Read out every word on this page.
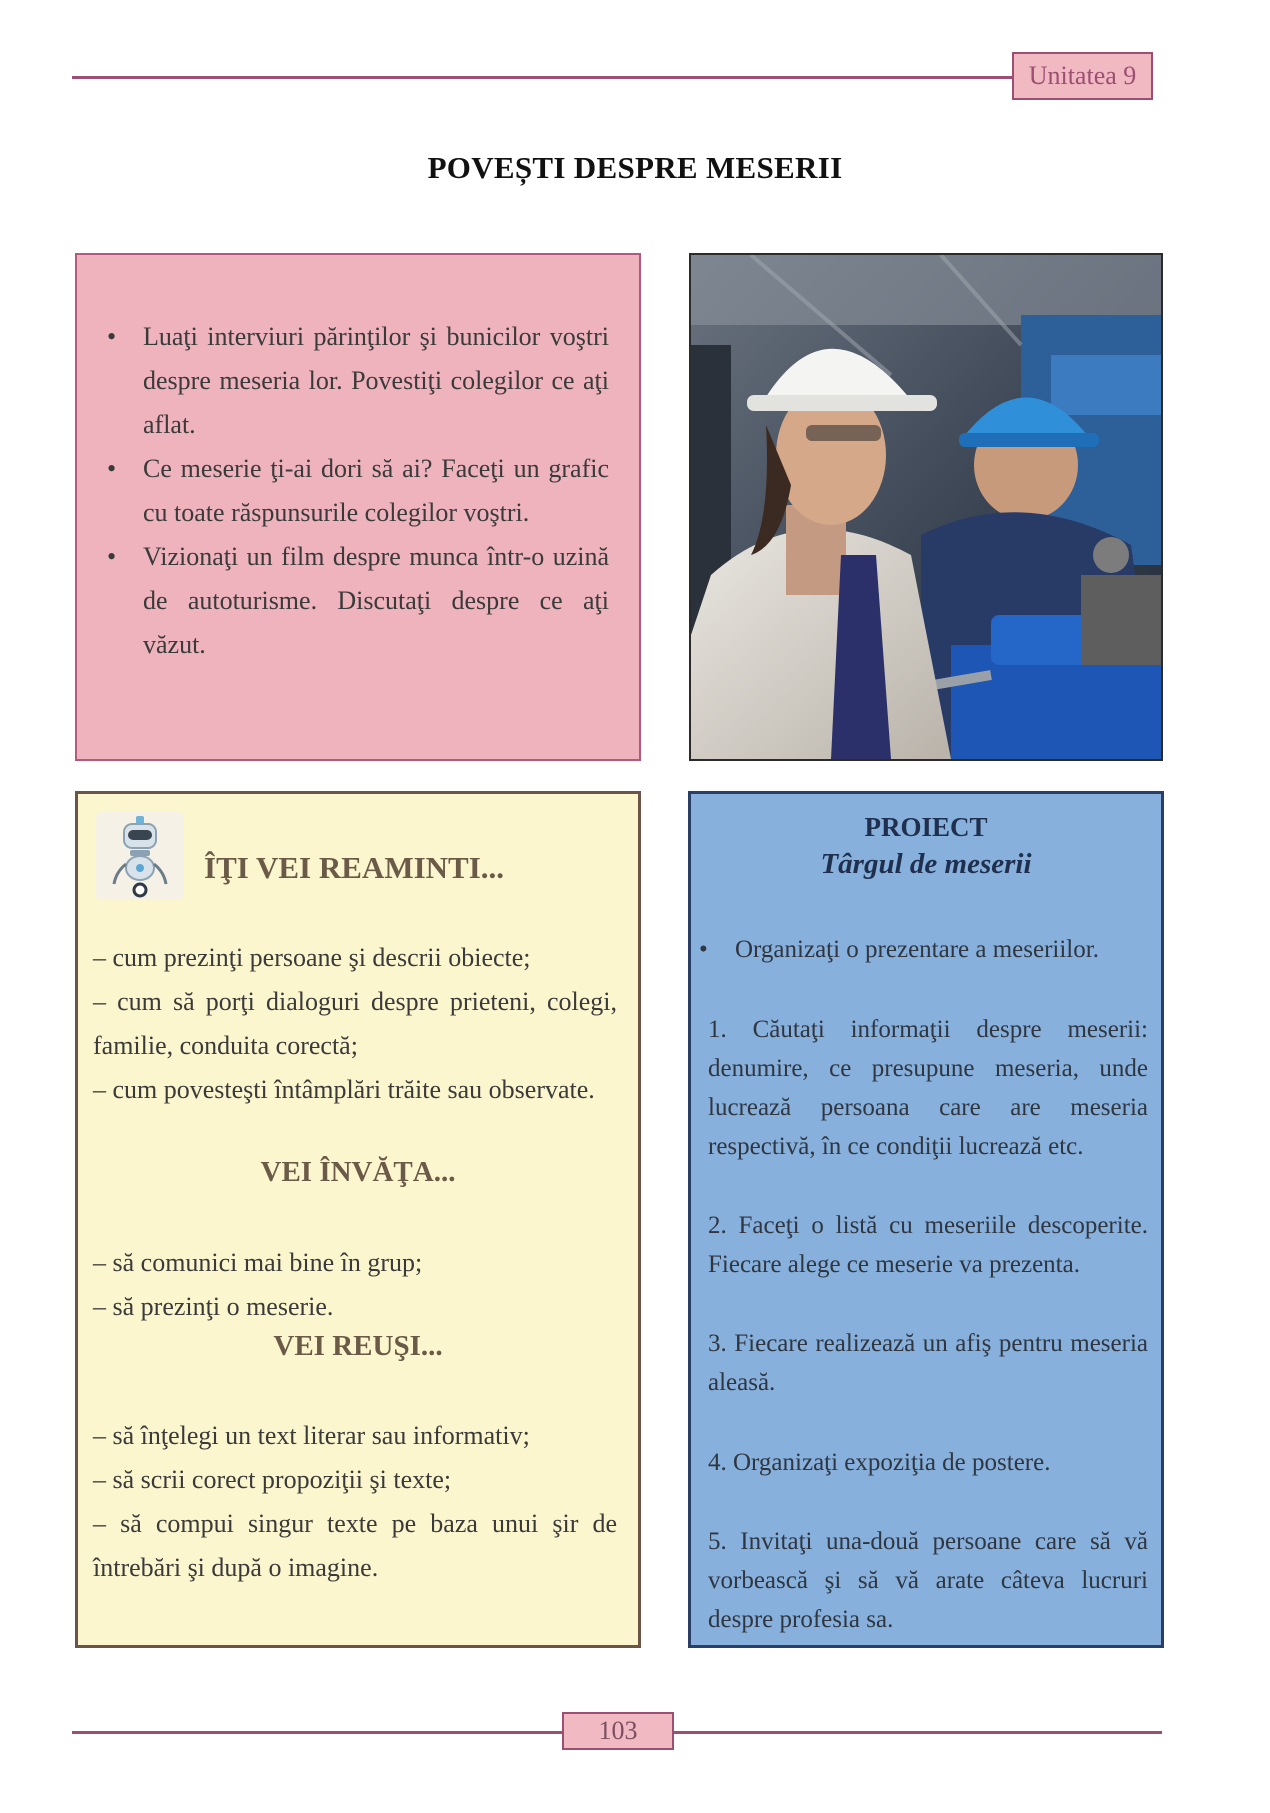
Unitatea 9
POVEȘTI DESPRE MESERII
•	Luaţi interviuri părinţilor şi bunicilor voştri despre meseria lor. Povestiţi colegilor ce aţi aflat.
•	Ce meserie ţi-ai dori să ai? Faceţi un grafic cu toate răspunsurile colegilor voştri.
•	Vizionaţi un film despre munca într-o uzină de autoturisme. Discutaţi despre ce aţi văzut.
ÎŢI VEI REAMINTI...
– cum prezinţi persoane şi descrii obiecte;
– cum să porţi dialoguri despre prieteni, colegi, familie, conduita corectă;
– cum povesteşti întâmplări trăite sau observate.
VEI ÎNVĂŢA...
– să comunici mai bine în grup;
– să prezinţi o meserie.
VEI REUŞI...
– să înţelegi un text literar sau informativ;
– să scrii corect propoziţii şi texte;
– să compui singur texte pe baza unui şir de întrebări şi după o imagine.
PROIECT
Târgul de meserii
• Organizaţi o prezentare a meseriilor.
1. Căutaţi informaţii despre meserii: denumire, ce presupune meseria, unde lucrează persoana care are meseria respectivă, în ce condiţii lucrează etc.
2. Faceţi o listă cu meseriile descoperite. Fiecare alege ce meserie va prezenta.
3. Fiecare realizează un afiş pentru meseria aleasă.
4. Organizaţi expoziţia de postere.
5. Invitaţi una-două persoane care să vă vorbească şi să vă arate câteva lucruri despre profesia sa.
103
